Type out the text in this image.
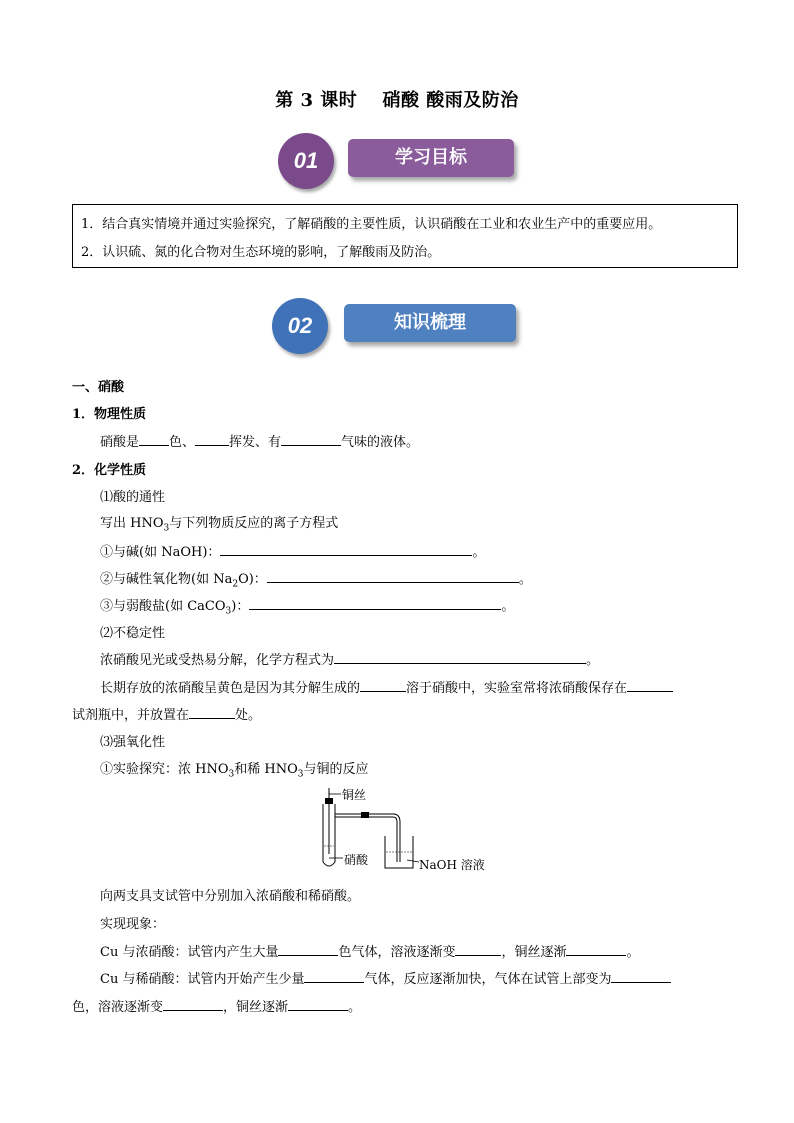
第 3 课时　 硝酸 酸雨及防治
学习目标
01
1．结合真实情境并通过实验探究，了解硝酸的主要性质，认识硝酸在工业和农业生产中的重要应用。
2．认识硫、氮的化合物对生态环境的影响，了解酸雨及防治。
知识梳理
02
一、硝酸
1．物理性质
硝酸是 色、	挥发、有	气味的液体。
2．化学性质
⑴酸的通性
写出 $HNO_3$与下列物质反应的离子方程式
①与碱(如 NaOH)：	。
②与碱性氧化物(如 $Na_2O$)：	。
③与弱酸盐(如 CaCO$_3$)：	。
⑵不稳定性
浓硝酸见光或受热易分解，化学方程式为	。
长期存放的浓硝酸呈黄色是因为其分解生成的	溶于硝酸中，实验室常将浓硝酸保存在
试剂瓶中，并放置在	处。
⑶强氧化性
①实验探究：浓 $HNO_3$和稀 $HNO_3$与铜的反应
铜丝
硝酸	NaOH 溶液
向两支具支试管中分别加入浓硝酸和稀硝酸。
实现现象：
Cu 与浓硝酸：试管内产生大量	色气体，溶液逐渐变	，铜丝逐渐	。
Cu 与稀硝酸：试管内开始产生少量	气体，反应逐渐加快，气体在试管上部变为
色，溶液逐渐变	，铜丝逐渐	。
